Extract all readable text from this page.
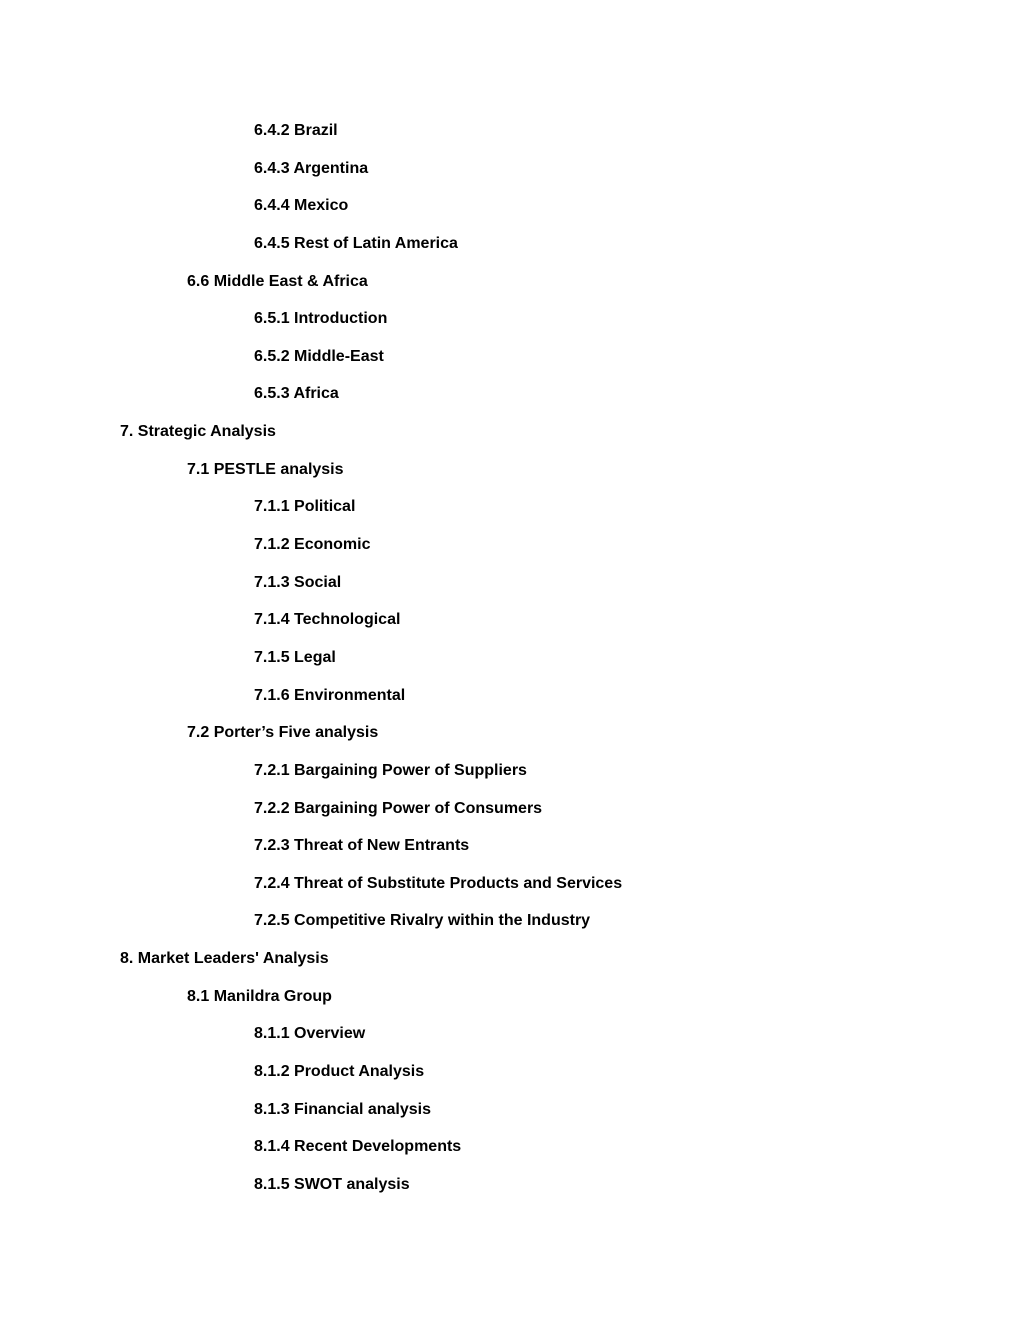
6.4.2 Brazil
6.4.3 Argentina
6.4.4 Mexico
6.4.5 Rest of Latin America
6.6 Middle East & Africa
6.5.1 Introduction
6.5.2 Middle-East
6.5.3 Africa
7. Strategic Analysis
7.1 PESTLE analysis
7.1.1 Political
7.1.2 Economic
7.1.3 Social
7.1.4 Technological
7.1.5 Legal
7.1.6 Environmental
7.2 Porter’s Five analysis
7.2.1 Bargaining Power of Suppliers
7.2.2 Bargaining Power of Consumers
7.2.3 Threat of New Entrants
7.2.4 Threat of Substitute Products and Services
7.2.5 Competitive Rivalry within the Industry
8. Market Leaders' Analysis
8.1 Manildra Group
8.1.1 Overview
8.1.2 Product Analysis
8.1.3 Financial analysis
8.1.4 Recent Developments
8.1.5 SWOT analysis
